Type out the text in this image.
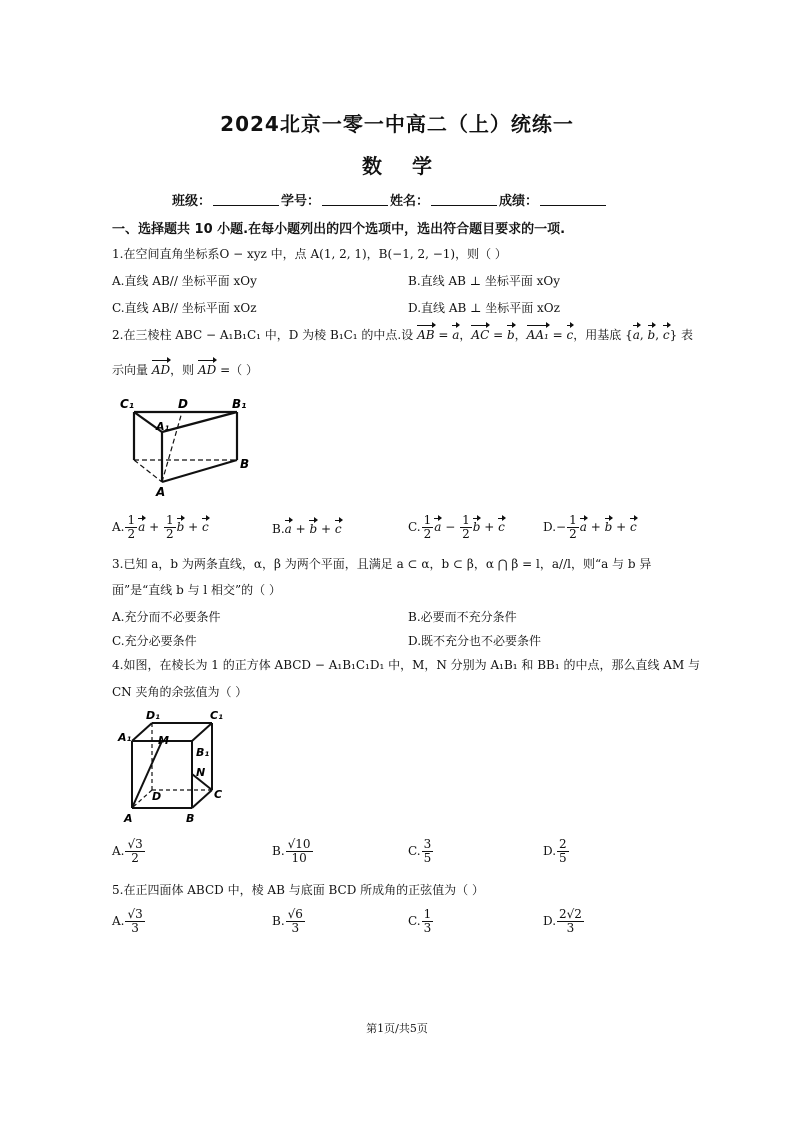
2024北京一零一中高二（上）统练一
数学
班级：	学号：	姓名：	成绩：
一、选择题共 10 小题.在每小题列出的四个选项中，选出符合题目要求的一项.
1.在空间直角坐标系O − xyz 中，点 A(1, 2, 1)，B(−1, 2, −1)，则（ ）
A.直线 AB// 坐标平面 xOy	B.直线 AB ⊥ 坐标平面 xOy
C.直线 AB// 坐标平面 xOz	D.直线 AB ⊥ 坐标平面 xOz
2.在三棱柱 ABC − A₁B₁C₁ 中，D 为棱 B₁C₁ 的中点.设 AB = a，AC = b，AA₁ = c，用基底 {a, b, c} 表
示向量 AD，则 AD =（ ）
C₁	D	B₁
A₁
B
A
A. $\frac{1}{2}$ $a + \frac{1}{2}$ b + c	B.a + b + c	C. $\frac{1}{2}$ $a - \frac{1}{2}$ b + c	$D.- \frac{1}{2}$ a + b + c
3.已知 a，b 为两条直线，α，β 为两个平面，且满足 a ⊂ α，b ⊂ β，α ⋂ β = l，a//l，则“a 与 b 异
面”是“直线 b 与 l 相交”的（ ）
A.充分而不必要条件	B.必要而不充分条件
C.充分必要条件	D.既不充分也不必要条件
4.如图，在棱长为 1 的正方体 ABCD − A₁B₁C₁D₁ 中，M，N 分别为 A₁B₁ 和 BB₁ 的中点，那么直线 AM 与
CN 夹角的余弦值为（ ）
D₁	C₁
A₁ M
B₁
N
D	C
A	B
A. $\frac{√3}{2}$	B. $\frac{√10}{10}$	C. $\frac{3}{5}$	D. $\frac{2}{5}$
5.在正四面体 ABCD 中，棱 AB 与底面 BCD 所成角的正弦值为（ ）
A. $\frac{√3}{3}$	B. $\frac{√6}{3}$	C. $\frac{1}{3}$	D. $\frac{2√2}{3}$
第1页/共5页
